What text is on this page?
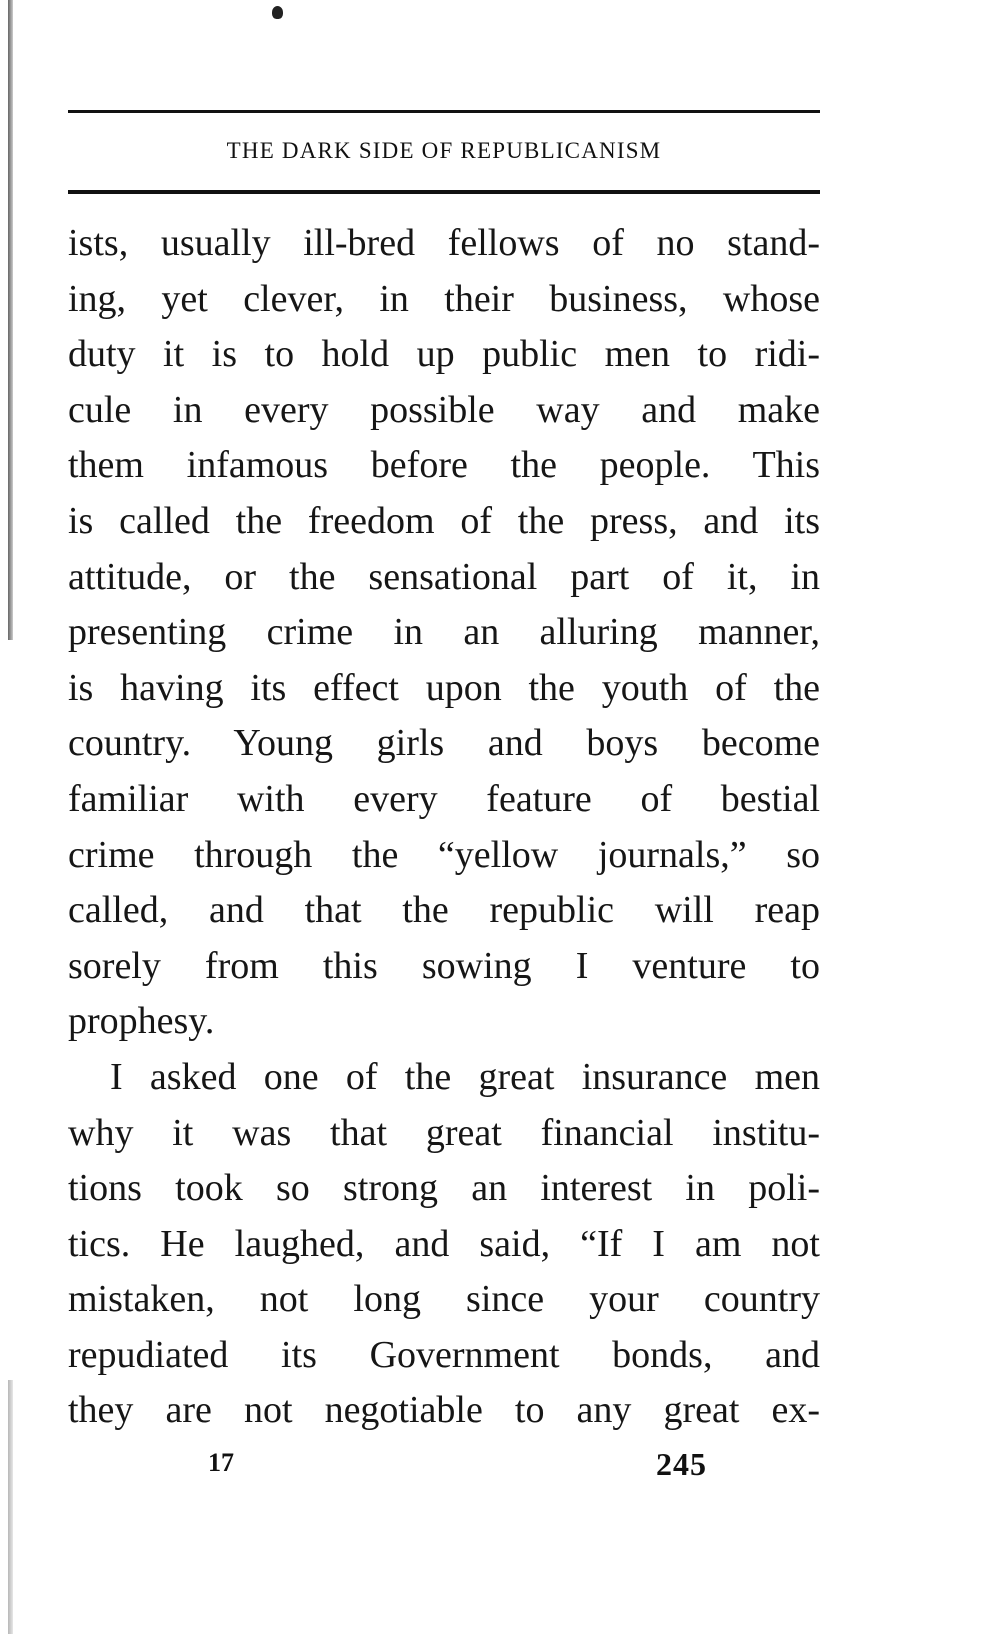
THE DARK SIDE OF REPUBLICANISM
ists, usually ill-bred fellows of no stand-
ing, yet clever, in their business, whose
duty it is to hold up public men to ridi-
cule in every possible way and make
them infamous before the people. This
is called the freedom of the press, and its
attitude, or the sensational part of it, in
presenting crime in an alluring manner,
is having its effect upon the youth of the
country. Young girls and boys become
familiar with every feature of bestial
crime through the “yellow journals,” so
called, and that the republic will reap
sorely from this sowing I venture to
prophesy.
I asked one of the great insurance men
why it was that great financial institu-
tions took so strong an interest in poli-
tics. He laughed, and said, “If I am not
mistaken, not long since your country
repudiated its Government bonds, and
they are not negotiable to any great ex-
17	245
